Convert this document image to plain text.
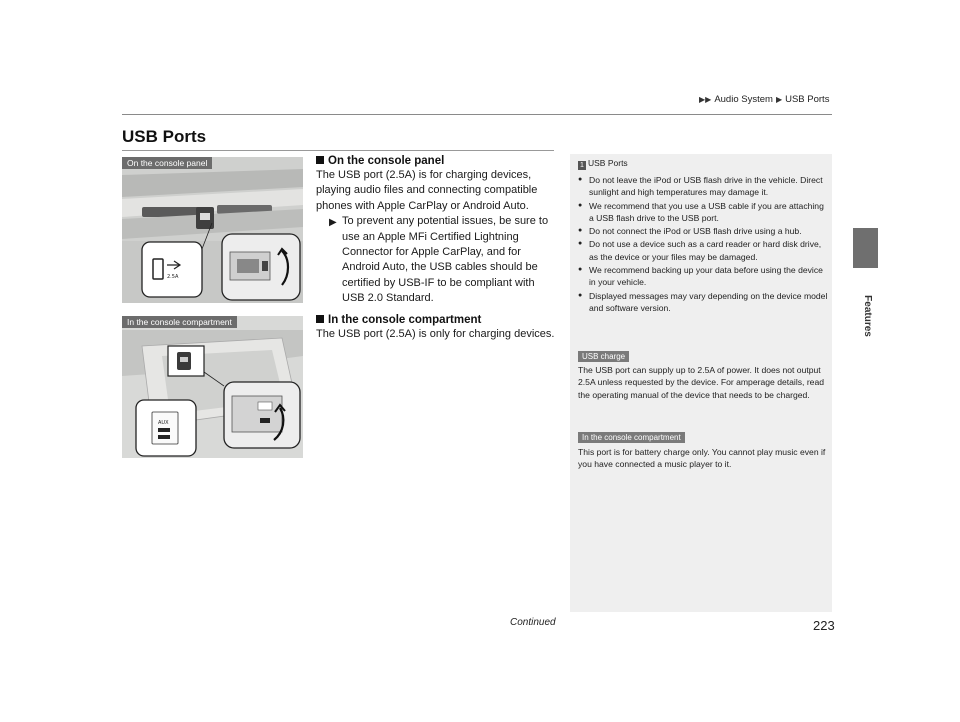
▶▶ Audio System ▶ USB Ports
USB Ports
Features
On the console panel
2.5A
In the console compartment
AUX
On the console panel
The USB port (2.5A) is for charging devices, playing audio files and connecting compatible phones with Apple CarPlay or Android Auto.
▶ To prevent any potential issues, be sure to use an Apple MFi Certified Lightning Connector for Apple CarPlay, and for Android Auto, the USB cables should be certified by USB-IF to be compliant with USB 2.0 Standard.
In the console compartment
The USB port (2.5A) is only for charging devices.
1 USB Ports
● Do not leave the iPod or USB flash drive in the vehicle. Direct sunlight and high temperatures may damage it.
● We recommend that you use a USB cable if you are attaching a USB flash drive to the USB port.
● Do not connect the iPod or USB flash drive using a hub.
● Do not use a device such as a card reader or hard disk drive, as the device or your files may be damaged.
● We recommend backing up your data before using the device in your vehicle.
● Displayed messages may vary depending on the device model and software version.
USB charge
The USB port can supply up to 2.5A of power. It does not output 2.5A unless requested by the device. For amperage details, read the operating manual of the device that needs to be charged.
In the console compartment
This port is for battery charge only. You cannot play music even if you have connected a music player to it.
Continued	223
